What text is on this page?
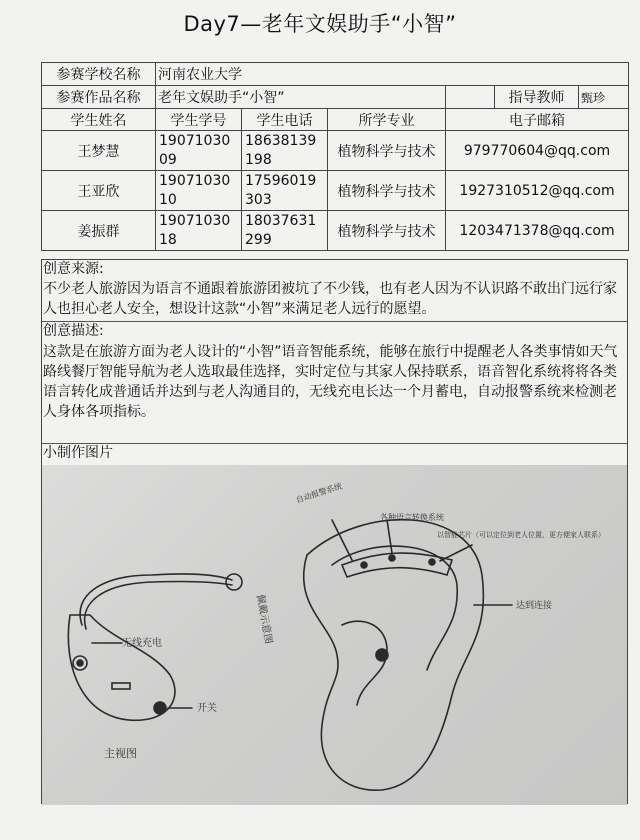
Day7—老年文娱助手“小智”
参赛学校名称	河南农业大学					
参赛作品名称	老年文娱助手“小智”				指导教师	甄珍
学生姓名	学生学号	学生电话	所学专业	电子邮箱		
王梦慧	1907103009	18638139198	植物科学与技术	979770604@qq.com		
王亚欣	1907103010	17596019303	植物科学与技术	1927310512@qq.com		
姜振群	1907103018	18037631299	植物科学与技术	1203471378@qq.com		
创意来源:
不少老人旅游因为语言不通跟着旅游团被坑了不少钱，也有老人因为不认识路不敢出门远行家人也担心老人安全，想设计这款“小智”来满足老人远行的愿望。
创意描述:
这款是在旅游方面为老人设计的“小智”语音智能系统，能够在旅行中提醒老人各类事情如天气路线餐厅智能导航为老人选取最佳选择，实时定位与其家人保持联系，语音智化系统将将各类语言转化成普通话并达到与老人沟通目的，无线充电长达一个月蓄电，自动报警系统来检测老人身体各项指标。
小制作图片
无线充电
开关
主视图
佩戴示意图
自动报警系统
各种语言转换系统
以智能芯片（可以定位到老人位置，更方便家人联系）
达到连接
